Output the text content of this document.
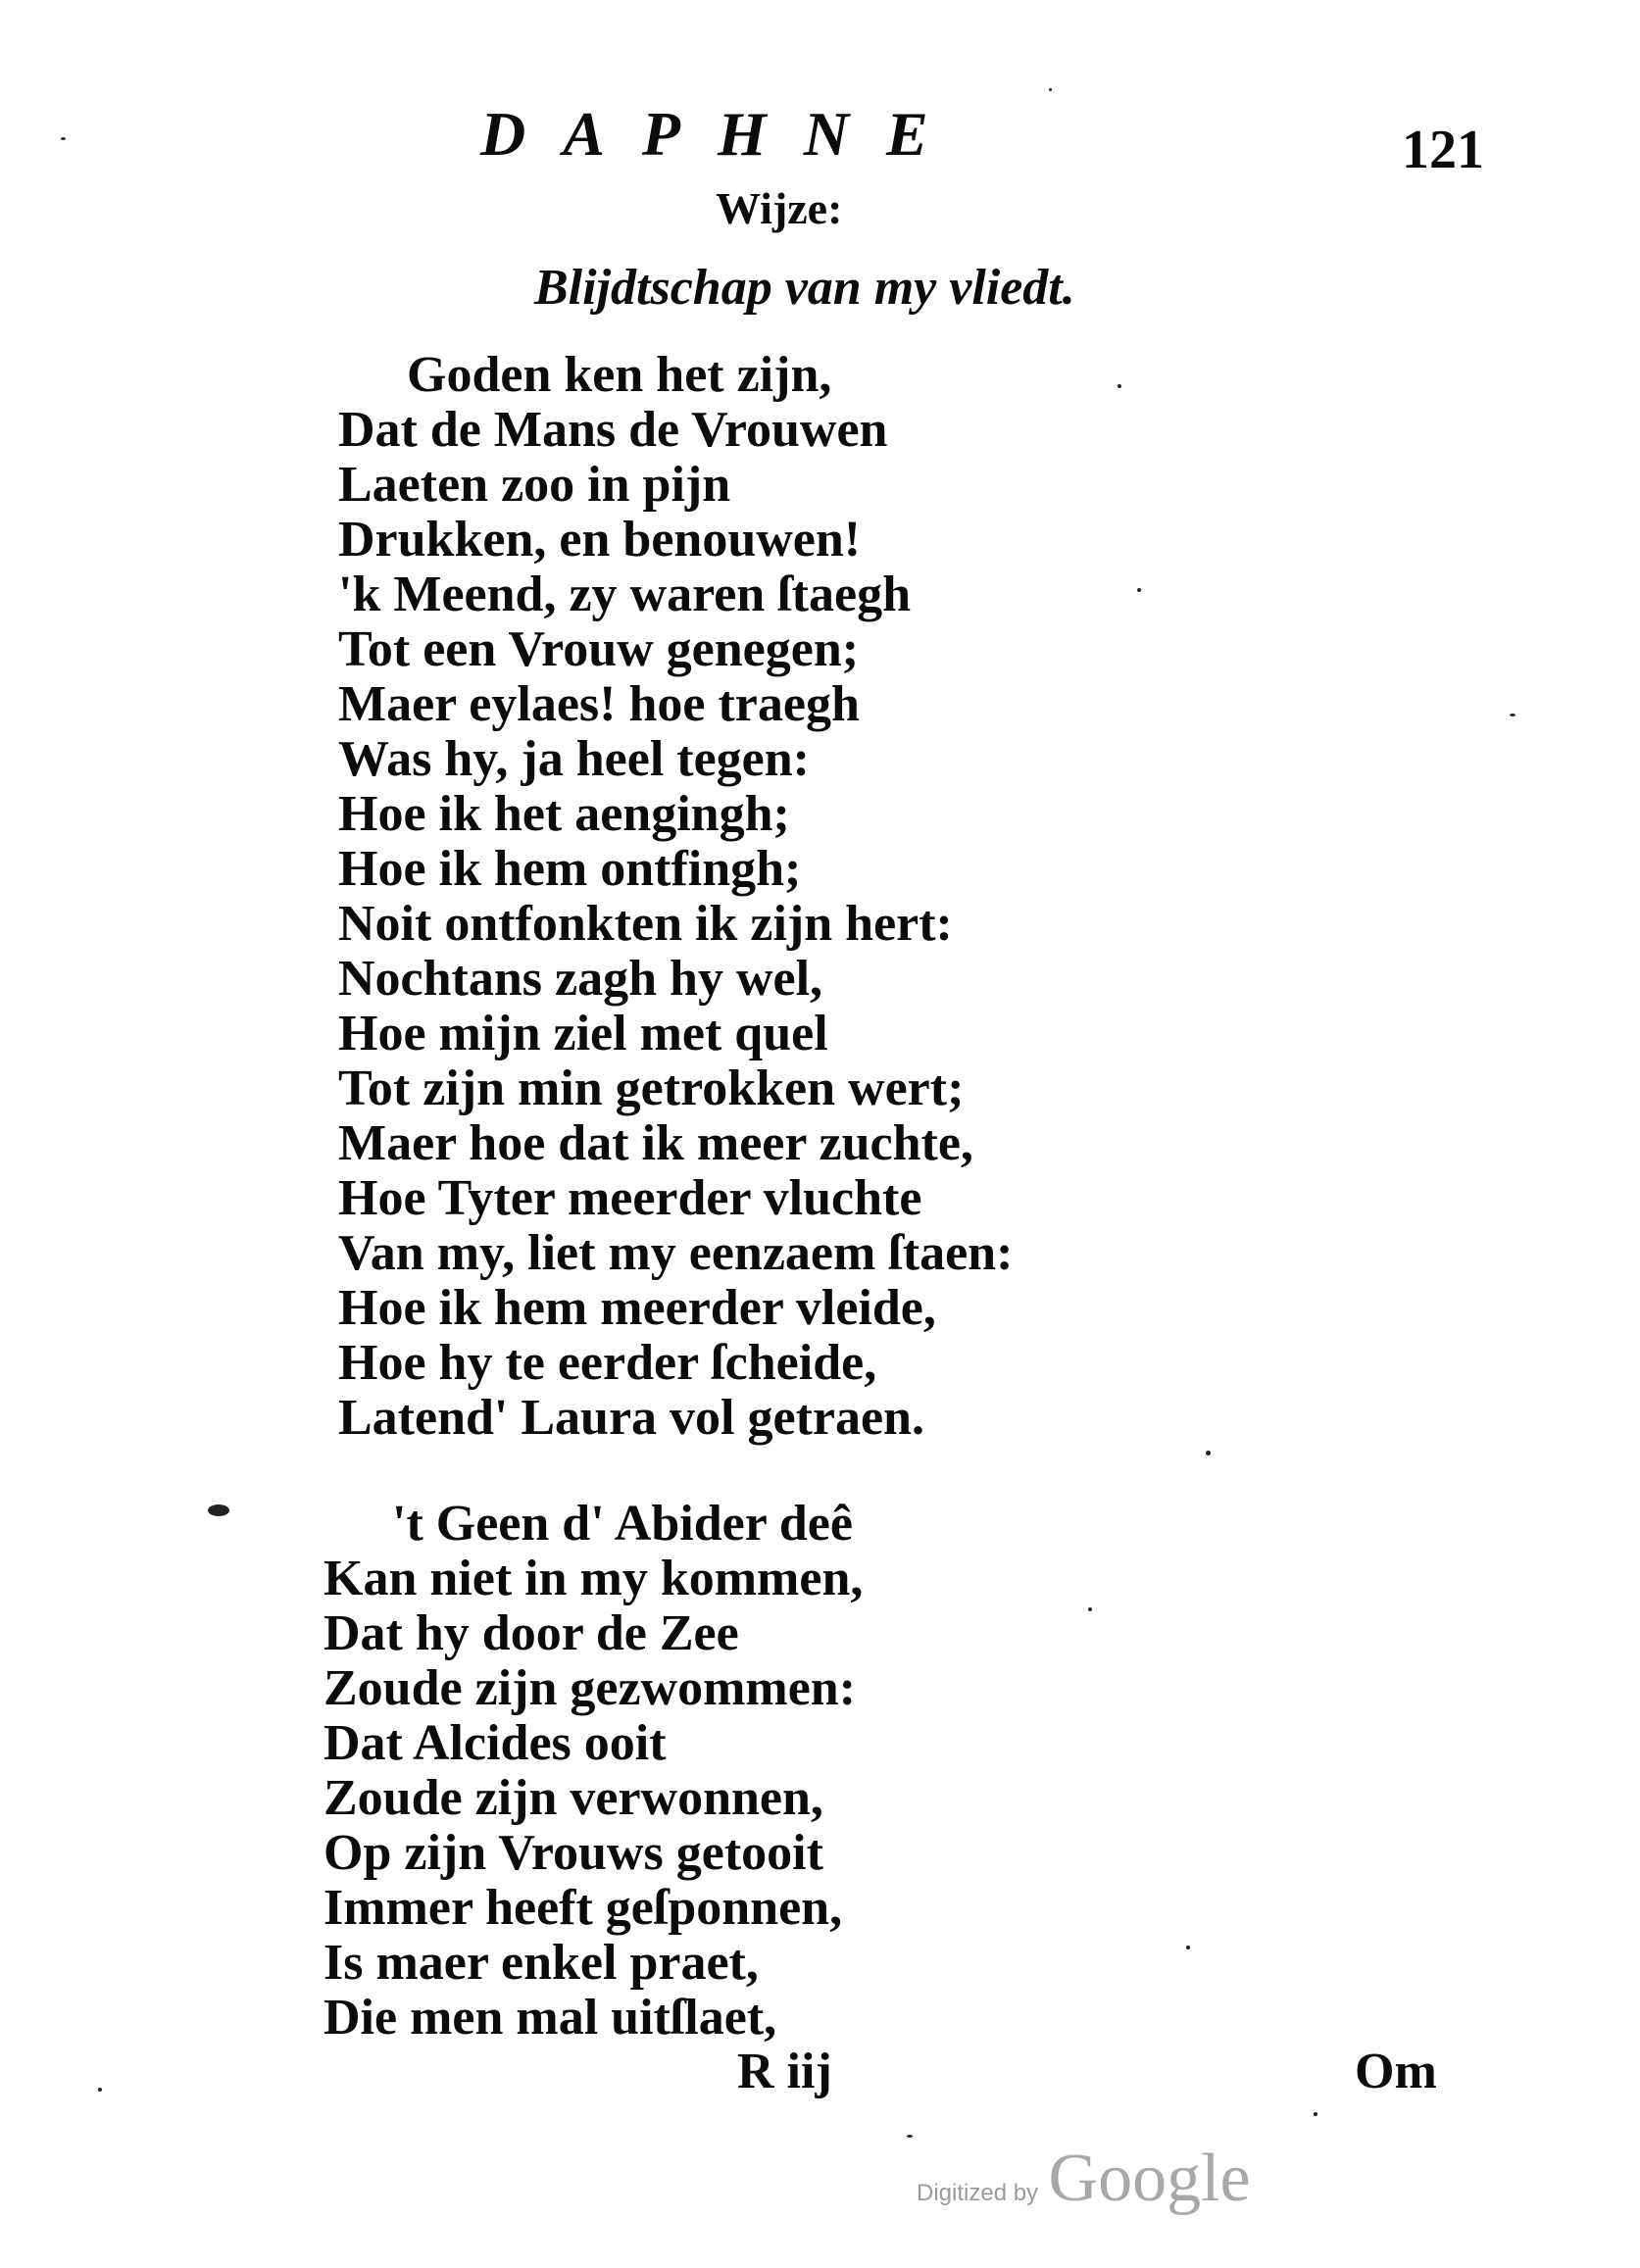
DAPHNE	121
Wijze:
Blijdtschap van my vliedt.
Goden ken het zijn,
Dat de Mans de Vrouwen
Laeten zoo in pijn
Drukken, en benouwen!
'k Meend, zy waren ſtaegh
Tot een Vrouw genegen;
Maer eylaes! hoe traegh
Was hy, ja heel tegen:
Hoe ik het aengingh;
Hoe ik hem ontfingh;
Noit ontfonkten ik zijn hert:
Nochtans zagh hy wel,
Hoe mijn ziel met quel
Tot zijn min getrokken wert;
Maer hoe dat ik meer zuchte,
Hoe Tyter meerder vluchte
Van my, liet my eenzaem ſtaen:
Hoe ik hem meerder vleide,
Hoe hy te eerder ſcheide,
Latend' Laura vol getraen.
't Geen d' Abider deê
Kan niet in my kommen,
Dat hy door de Zee
Zoude zijn gezwommen:
Dat Alcides ooit
Zoude zijn verwonnen,
Op zijn Vrouws getooit
Immer heeft geſponnen,
Is maer enkel praet,
Die men mal uitſlaet,
R iij	Om
Digitized by Google
